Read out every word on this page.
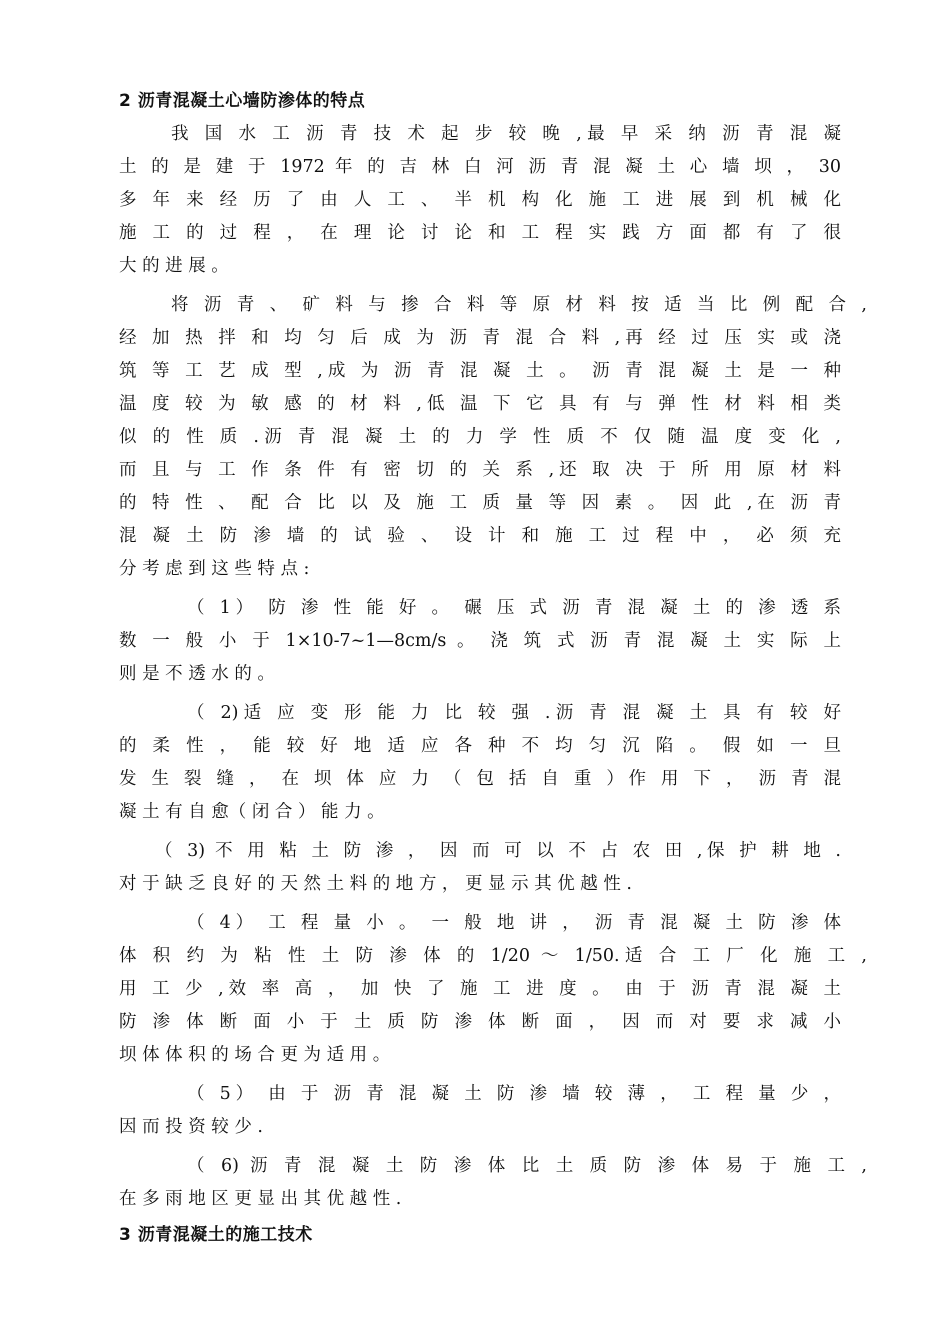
2 沥青混凝土心墙防渗体的特点
我 国 水 工 沥 青 技 术 起 步 较 晚 ,最 早 采 纳 沥 青 混 凝
土 的 是 建 于 1972 年 的 吉 林 白 河 沥 青 混 凝 土 心 墙 坝 ， 30
多 年 来 经 历 了 由 人 工 、 半 机 构 化 施 工 进 展 到 机 械 化
施 工 的 过 程 ， 在 理 论 讨 论 和 工 程 实 践 方 面 都 有 了 很
大 的 进 展 。
将 沥 青 、 矿 料 与 掺 合 料 等 原 材 料 按 适 当 比 例 配 合 ,
经 加 热 拌 和 均 匀 后 成 为 沥 青 混 合 料 ,再 经 过 压 实 或 浇
筑 等 工 艺 成 型 ,成 为 沥 青 混 凝 土 。 沥 青 混 凝 土 是 一 种
温 度 较 为 敏 感 的 材 料 ,低 温 下 它 具 有 与 弹 性 材 料 相 类
似 的 性 质 .沥 青 混 凝 土 的 力 学 性 质 不 仅 随 温 度 变 化 ,
而 且 与 工 作 条 件 有 密 切 的 关 系 ,还 取 决 于 所 用 原 材 料
的 特 性 、 配 合 比 以 及 施 工 质 量 等 因 素 。 因 此 ,在 沥 青
混 凝 土 防 渗 墙 的 试 验 、 设 计 和 施 工 过 程 中 ， 必 须 充
分 考 虑 到 这 些 特 点 :
（ 1） 防 渗 性 能 好 。 碾 压 式 沥 青 混 凝 土 的 渗 透 系
数 一 般 小 于 1×10-7~1—8cm/s 。 浇 筑 式 沥 青 混 凝 土 实 际 上
则 是 不 透 水 的 。
（ 2)适 应 变 形 能 力 比 较 强 .沥 青 混 凝 土 具 有 较 好
的 柔 性 ， 能 较 好 地 适 应 各 种 不 均 匀 沉 陷 。 假 如 一 旦
发 生 裂 缝 ， 在 坝 体 应 力 （ 包 括 自 重 ）作 用 下 ， 沥 青 混
凝 土 有 自 愈（ 闭 合 ） 能 力 。
（ 3) 不 用 粘 土 防 渗 ， 因 而 可 以 不 占 农 田 ,保 护 耕 地 .
对 于 缺 乏 良 好 的 天 然 土 料 的 地 方 ， 更 显 示 其 优 越 性 .
（ 4） 工 程 量 小 。 一 般 地 讲 ， 沥 青 混 凝 土 防 渗 体
体 积 约 为 粘 性 土 防 渗 体 的 1/20 ～ 1/50.适 合 工 厂 化 施 工 ,
用 工 少 ,效 率 高 ， 加 快 了 施 工 进 度 。 由 于 沥 青 混 凝 土
防 渗 体 断 面 小 于 土 质 防 渗 体 断 面 ， 因 而 对 要 求 减 小
坝 体 体 积 的 场 合 更 为 适 用 。
（ 5） 由 于 沥 青 混 凝 土 防 渗 墙 较 薄 ， 工 程 量 少 ，
因 而 投 资 较 少 .
（ 6) 沥 青 混 凝 土 防 渗 体 比 土 质 防 渗 体 易 于 施 工 ,
在 多 雨 地 区 更 显 出 其 优 越 性 .
3 沥青混凝土的施工技术
